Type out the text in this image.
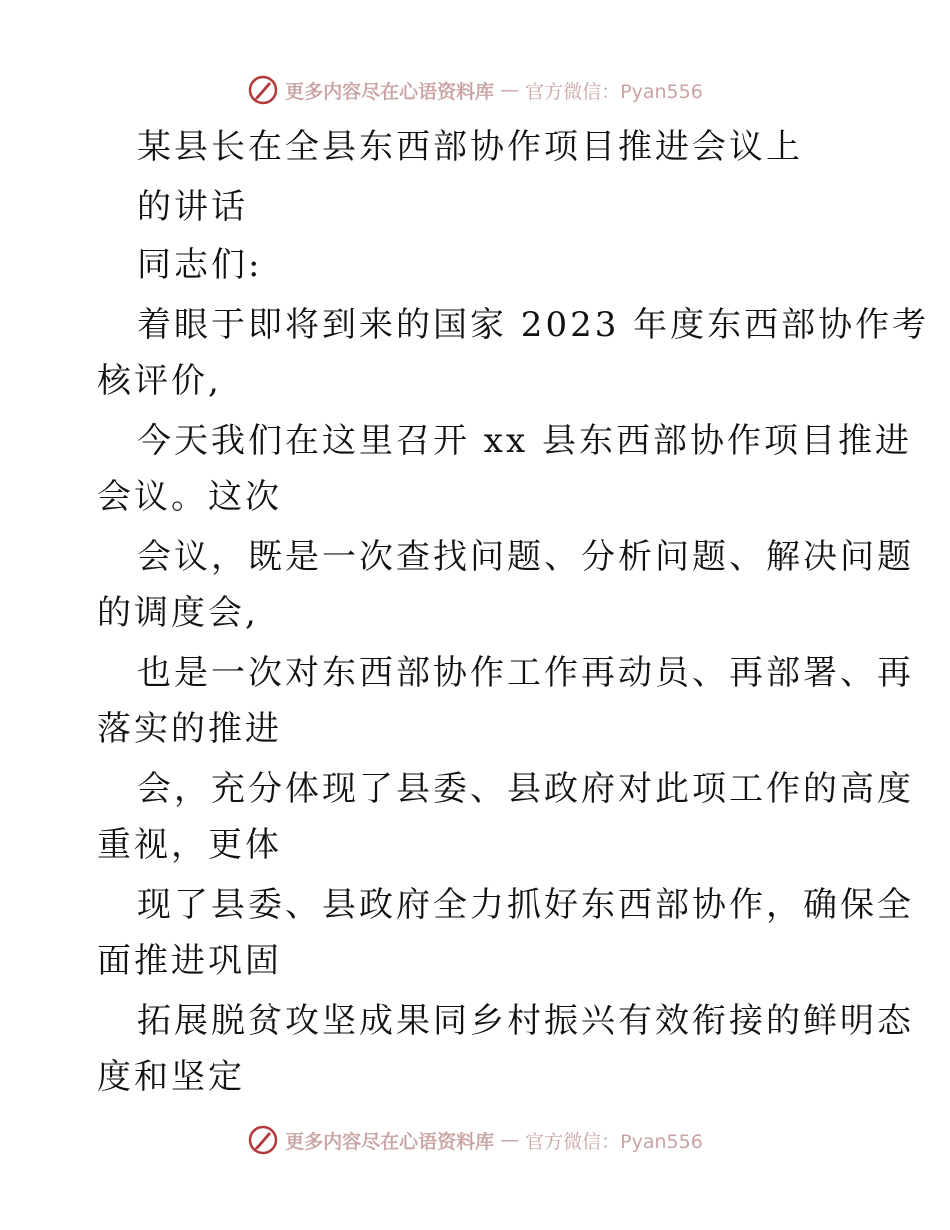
更多内容尽在心语资料库 — 官方微信：Pyan556
某县长在全县东西部协作项目推进会议上
的讲话
同志们:
着眼于即将到来的国家 2023 年度东西部协作考
核评价,
今天我们在这里召开 xx 县东西部协作项目推进
会议。这次
会议，既是一次查找问题、分析问题、解决问题
的调度会,
也是一次对东西部协作工作再动员、再部署、再
落实的推进
会，充分体现了县委、县政府对此项工作的高度
重视，更体
现了县委、县政府全力抓好东西部协作，确保全
面推进巩固
拓展脱贫攻坚成果同乡村振兴有效衔接的鲜明态
度和坚定
更多内容尽在心语资料库 — 官方微信：Pyan556
